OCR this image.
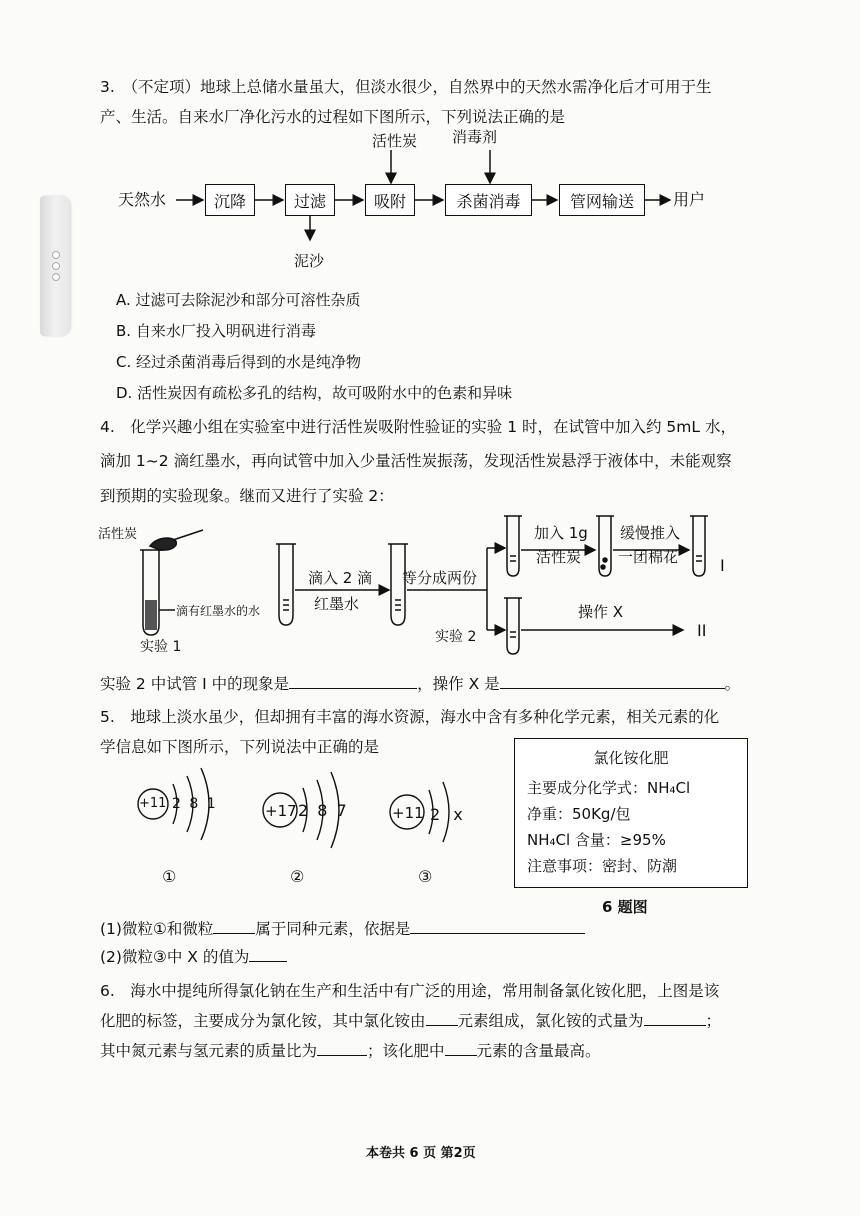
3.　（不定项）地球上总储水量虽大，但淡水很少，自然界中的天然水需净化后才可用于生
产、生活。自来水厂净化污水的过程如下图所示，下列说法正确的是
天然水	沉降	过滤	吸附	杀菌消毒	管网输送	用户
活性炭 消毒剂
泥沙
A. 过滤可去除泥沙和部分可溶性杂质
B. 自来水厂投入明矾进行消毒
C. 经过杀菌消毒后得到的水是纯净物
D. 活性炭因有疏松多孔的结构，故可吸附水中的色素和异味
4.　化学兴趣小组在实验室中进行活性炭吸附性验证的实验 1 时，在试管中加入约 5mL 水，
滴加 1~2 滴红墨水，再向试管中加入少量活性炭振荡，发现活性炭悬浮于液体中，未能观察
到预期的实验现象。继而又进行了实验 2：
活性炭
滴有红墨水的水
实验 1
滴入 2 滴
红墨水
等分成两份
加入 1g
活性炭
缓慢推入
一团棉花	I
操作 X
II
实验 2
实验 2 中试管 I 中的现象是	，操作 X 是	。
5.　地球上淡水虽少，但却拥有丰富的海水资源，海水中含有多种化学元素，相关元素的化
学信息如下图所示，下列说法中正确的是
+11 2 8 1
①
+17 2 8 7
②
+11 2 x
③
氯化铵化肥
主要成分化学式：NH₄Cl
净重：50Kg/包
NH₄Cl 含量：≥95%
注意事项：密封、防潮
6 题图
(1)微粒①和微粒	属于同种元素，依据是
(2)微粒③中 X 的值为
6.　海水中提纯所得氯化钠在生产和生活中有广泛的用途，常用制备氯化铵化肥，上图是该
化肥的标签，主要成分为氯化铵，其中氯化铵由 元素组成，氯化铵的式量为	；
其中氮元素与氢元素的质量比为	；该化肥中 元素的含量最高。
本卷共 6 页 第2页
